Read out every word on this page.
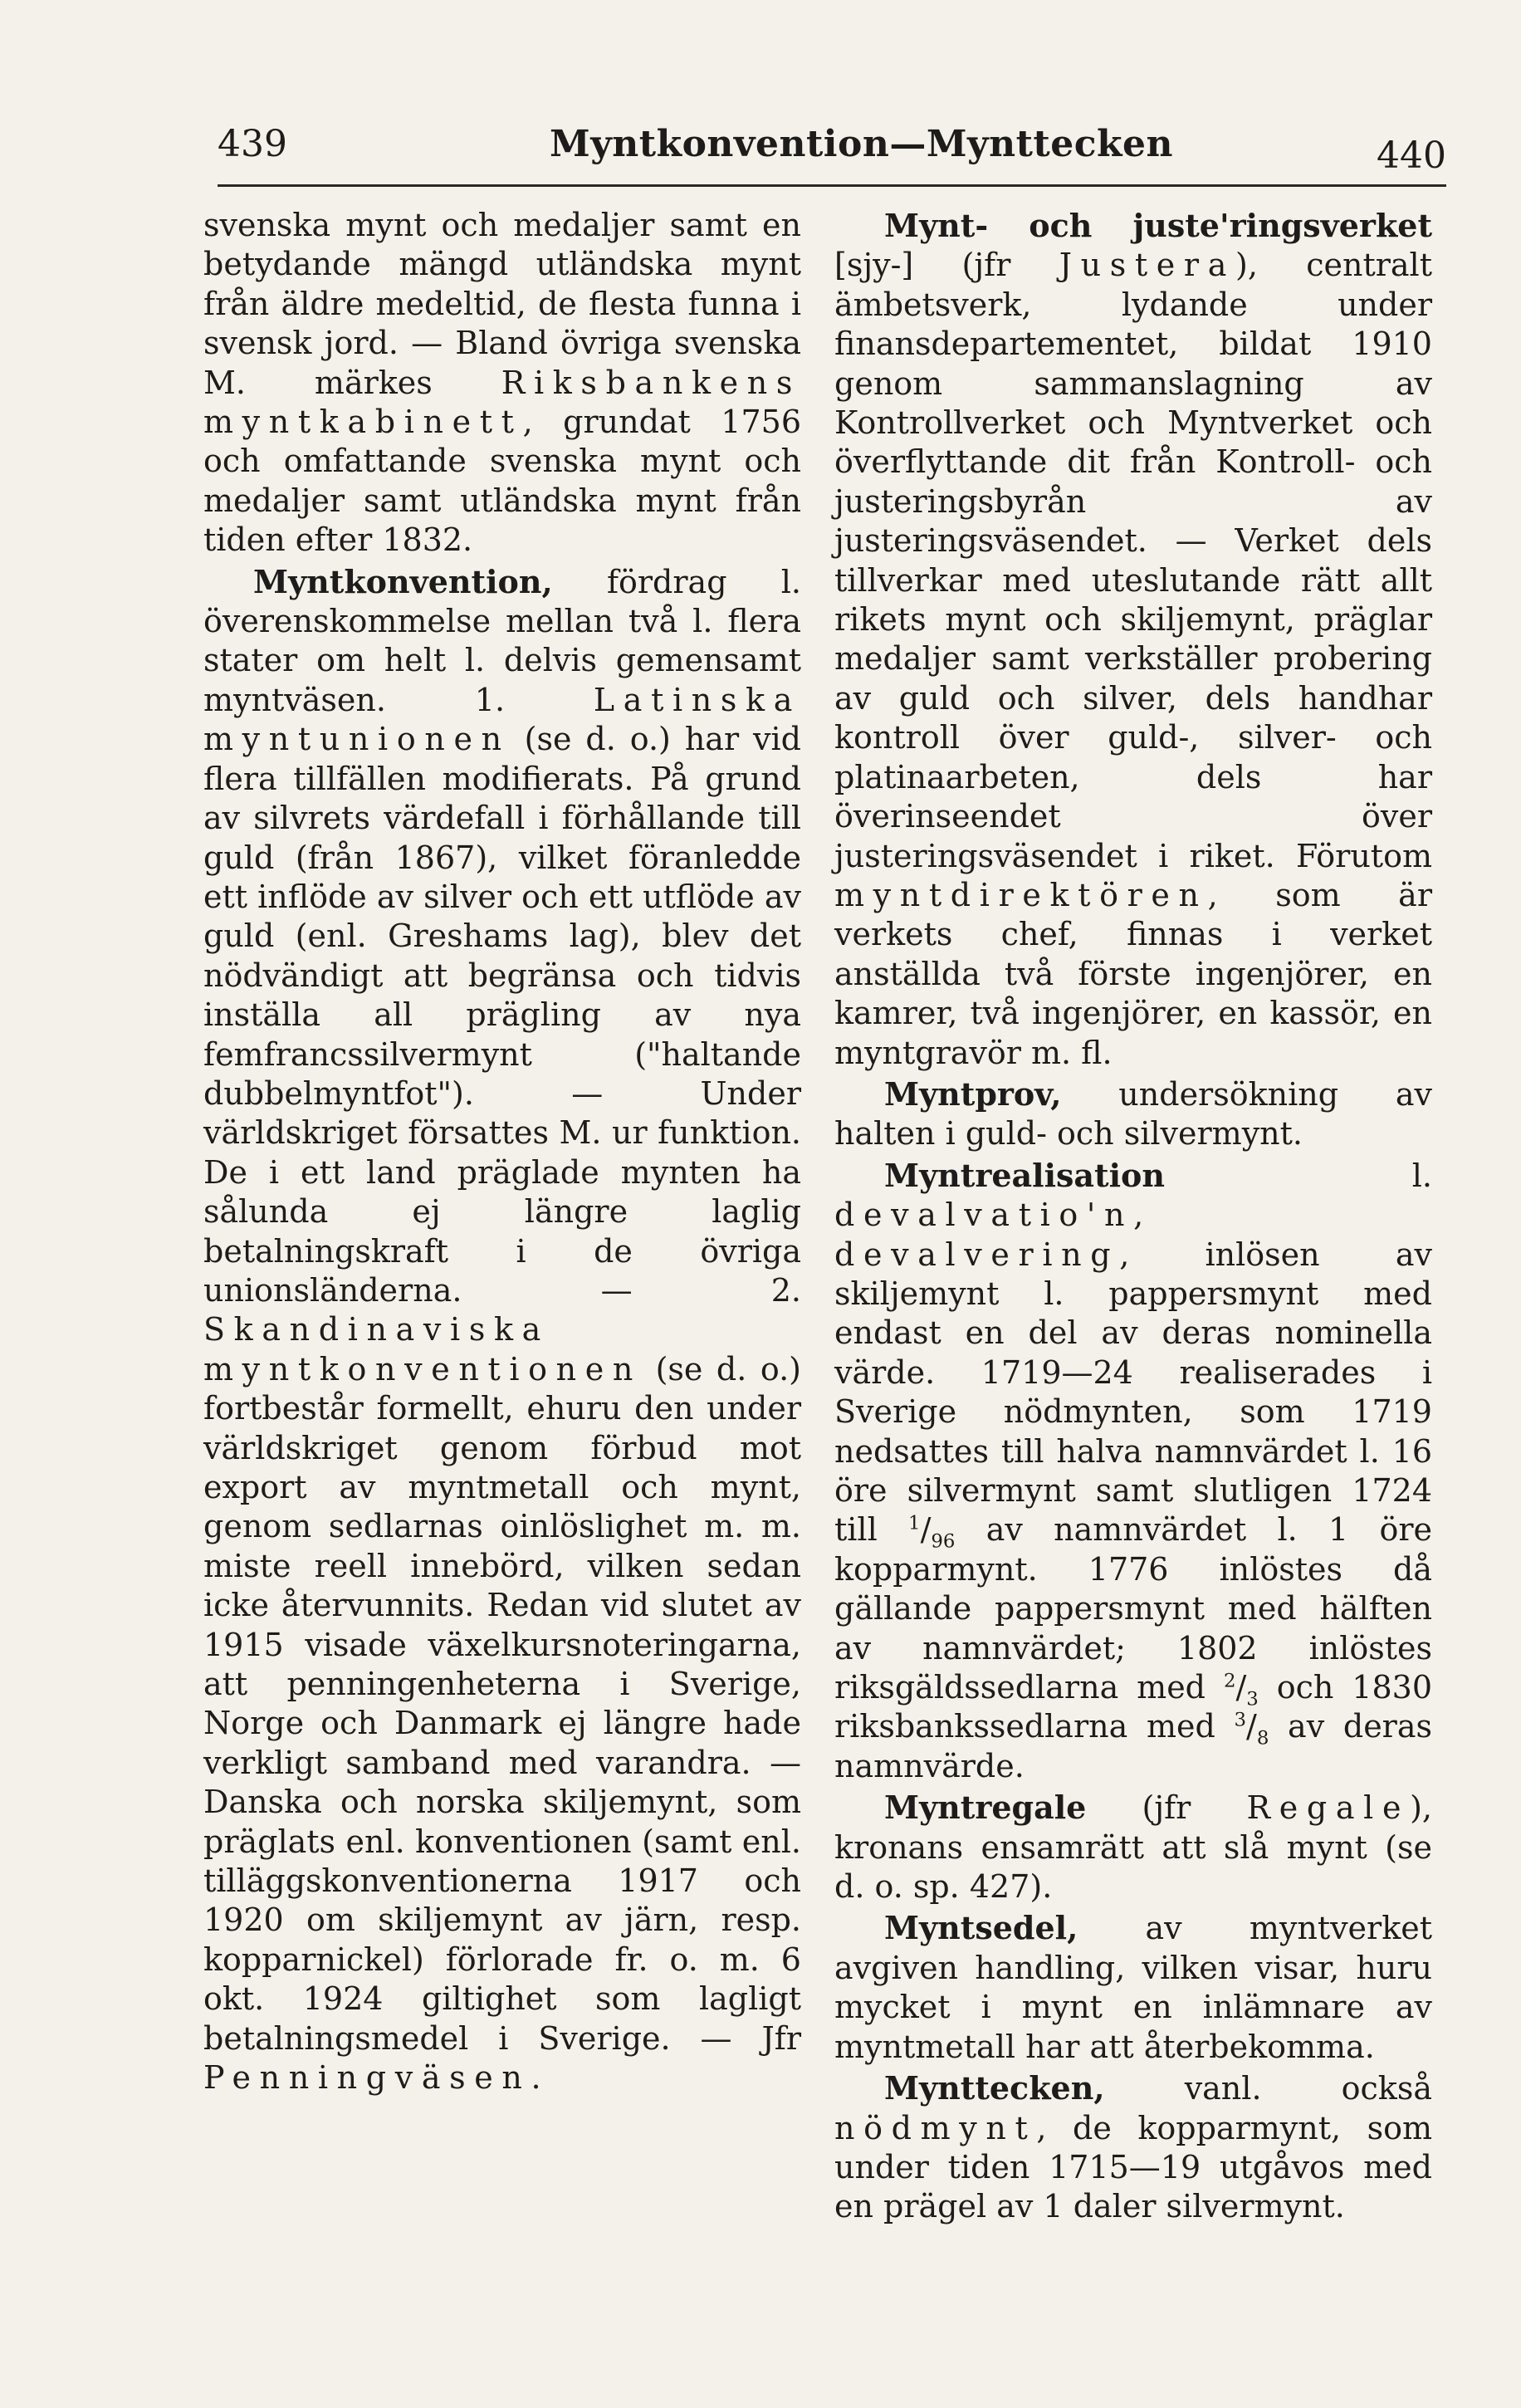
439	Myntkonvention—Mynttecken	440

svenska mynt och medaljer samt en betydande mängd utländska mynt från äldre medeltid, de flesta funna i svensk jord. — Bland övriga svenska M. märkes Riksbankens myntkabinett, grundat 1756 och omfattande svenska mynt och medaljer samt utländska mynt från tiden efter 1832.

Myntkonvention, fördrag l. överenskommelse mellan två l. flera stater om helt l. delvis gemensamt myntväsen. 1. Latinska myntunionen (se d. o.) har vid flera tillfällen modifierats. På grund av silvrets värdefall i förhållande till guld (från 1867), vilket föranledde ett inflöde av silver och ett utflöde av guld (enl. Greshams lag), blev det nödvändigt att begränsa och tidvis inställa all prägling av nya femfrancssilvermynt ("haltande dubbelmyntfot"). — Under världskriget försattes M. ur funktion. De i ett land präglade mynten ha sålunda ej längre laglig betalningskraft i de övriga unionsländerna. — 2. Skandinaviska myntkonventionen (se d. o.) fortbestår formellt, ehuru den under världskriget genom förbud mot export av myntmetall och mynt, genom sedlarnas oinlöslighet m. m. miste reell innebörd, vilken sedan icke återvunnits. Redan vid slutet av 1915 visade växelkursnoteringarna, att penningenheterna i Sverige, Norge och Danmark ej längre hade verkligt samband med varandra. — Danska och norska skiljemynt, som präglats enl. konventionen (samt enl. tilläggskonventionerna 1917 och 1920 om skiljemynt av järn, resp. kopparnickel) förlorade fr. o. m. 6 okt. 1924 giltighet som lagligt betalningsmedel i Sverige. — Jfr Penningväsen.

Mynt- och juste'ringsverket [sjy-] (jfr Justera), centralt ämbetsverk, lydande under finansdepartementet, bildat 1910 genom sammanslagning av Kontrollverket och Myntverket och överflyttande dit från Kontroll- och justeringsbyrån av justeringsväsendet. — Verket dels tillverkar med uteslutande rätt allt rikets mynt och skiljemynt, präglar medaljer samt verkställer probering av guld och silver, dels handhar kontroll över guld-, silver- och platinaarbeten, dels har överinseendet över justeringsväsendet i riket. Förutom myntdirektören, som är verkets chef, finnas i verket anställda två förste ingenjörer, en kamrer, två ingenjörer, en kassör, en myntgravör m. fl.

Myntprov, undersökning av halten i guld- och silvermynt.

Myntrealisation l. devalvatio'n, devalvering, inlösen av skiljemynt l. pappersmynt med endast en del av deras nominella värde. 1719—24 realiserades i Sverige nödmynten, som 1719 nedsattes till halva namnvärdet l. 16 öre silvermynt samt slutligen 1724 till $^1/_{96}$ av namnvärdet l. 1 öre kopparmynt. 1776 inlöstes då gällande pappersmynt med hälften av namnvärdet; 1802 inlöstes riksgäldssedlarna med $^2/_3$ och 1830 riksbankssedlarna med $^3/_8$ av deras namnvärde.

Myntregale (jfr Regale), kronans ensamrätt att slå mynt (se d. o. sp. 427).

Myntsedel, av myntverket avgiven handling, vilken visar, huru mycket i mynt en inlämnare av myntmetall har att återbekomma.

Mynttecken, vanl. också nödmynt, de kopparmynt, som under tiden 1715—19 utgåvos med en prägel av 1 daler silvermynt.
